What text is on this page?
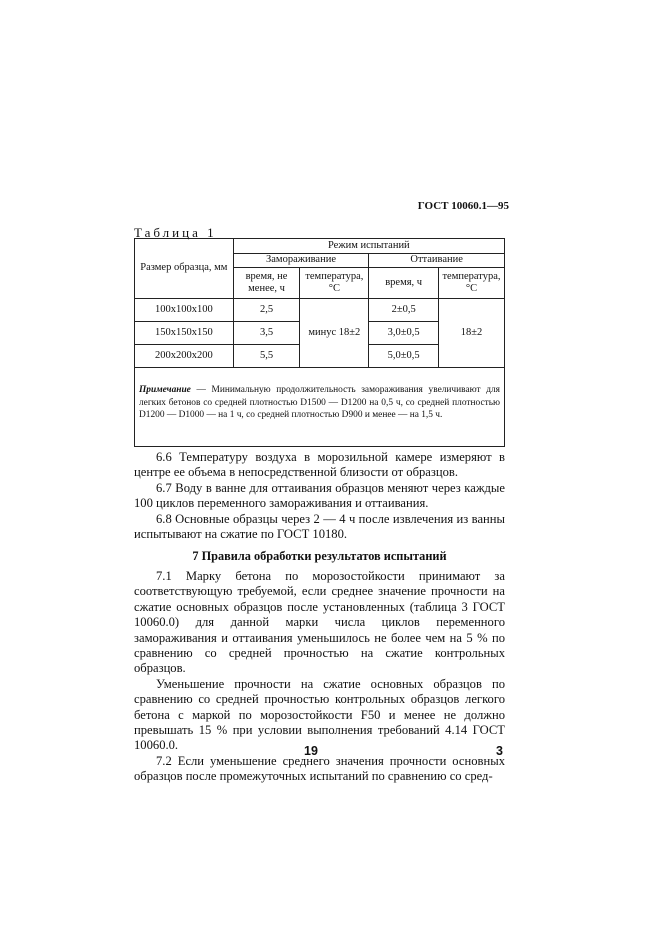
ГОСТ 10060.1—95
Таблица 1
Размер образца, мм	Режим испытаний			
	Замораживание		Оттаивание	
	время, не менее, ч	температура, °С	время, ч	температура, °С
100x100x100	2,5	минус 18±2	2±0,5	18±2
150x150x150	3,5		3,0±0,5	
200x200x200	5,5		5,0±0,5	

Примечание — Минимальную продолжительность замораживания увеличивают для легких бетонов со средней плотностью D1500 — D1200 на 0,5 ч, со средней плотностью D1200 — D1000 — на 1 ч, со средней плотностью D900 и менее — на 1,5 ч.				

6.6 Температуру воздуха в морозильной камере измеряют в центре ее объема в непосредственной близости от образцов.

6.7 Воду в ванне для оттаивания образцов меняют через каждые 100 циклов переменного замораживания и оттаивания.

6.8 Основные образцы через 2 — 4 ч после извлечения из ванны испытывают на сжатие по ГОСТ 10180.

7 Правила обработки результатов испытаний

7.1 Марку бетона по морозостойкости принимают за соответствующую требуемой, если среднее значение прочности на сжатие основных образцов после установленных (таблица 3 ГОСТ 10060.0) для данной марки числа циклов переменного замораживания и оттаивания уменьшилось не более чем на 5 % по сравнению со средней прочностью на сжатие контрольных образцов.

Уменьшение прочности на сжатие основных образцов по сравнению со средней прочностью контрольных образцов легкого бетона с маркой по морозостойкости F50 и менее не должно превышать 15 % при условии выполнения требований 4.14 ГОСТ 10060.0.

7.2 Если уменьшение среднего значения прочности основных образцов после промежуточных испытаний по сравнению со сред-

19	3
